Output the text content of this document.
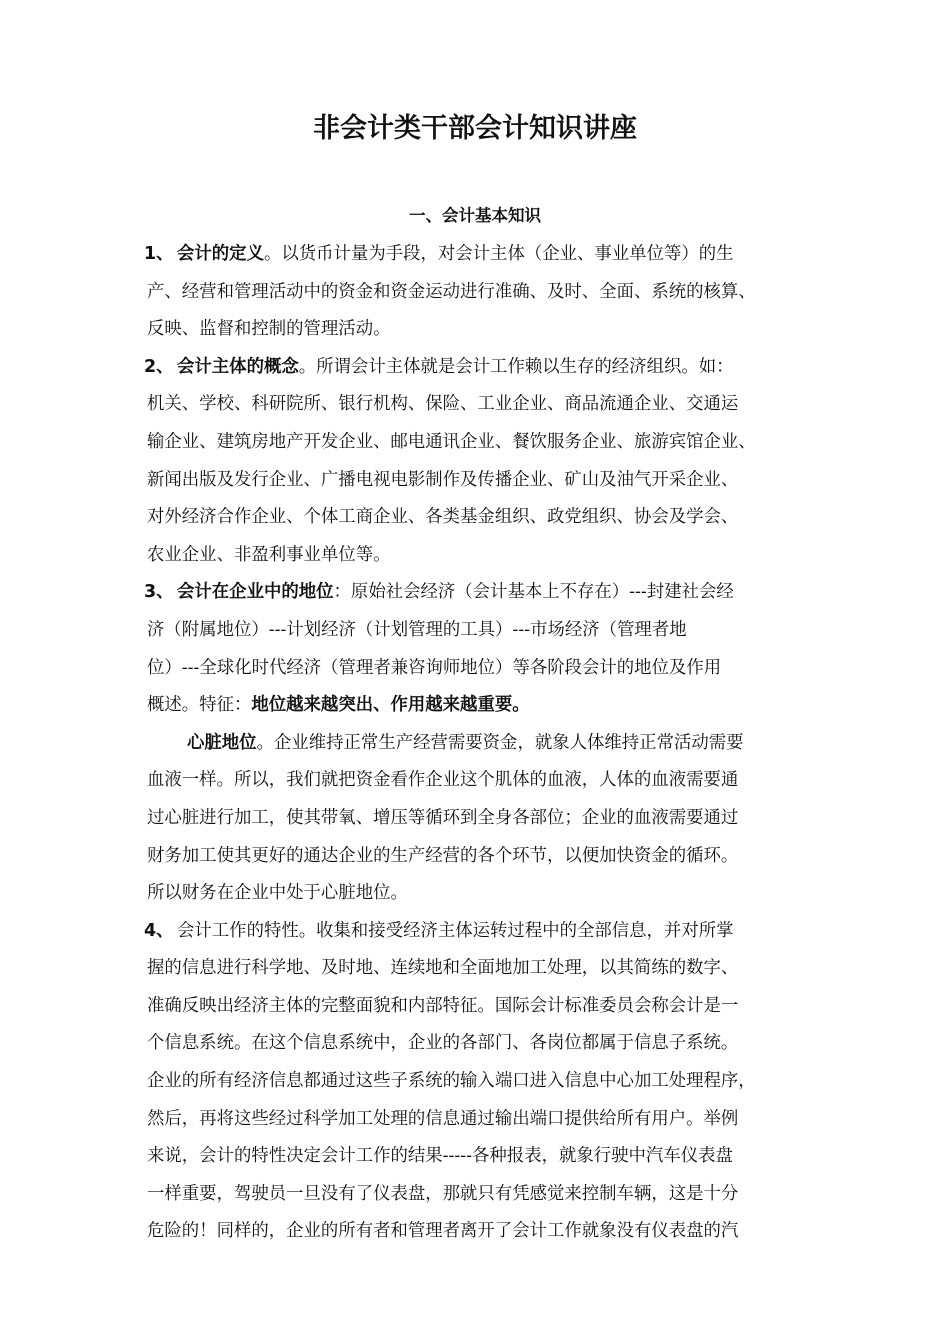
非会计类干部会计知识讲座
一、会计基本知识
1、 会计的定义。以货币计量为手段，对会计主体（企业、事业单位等）的生
产、经营和管理活动中的资金和资金运动进行准确、及时、全面、系统的核算、
反映、监督和控制的管理活动。
2、 会计主体的概念。所谓会计主体就是会计工作赖以生存的经济组织。如：
机关、学校、科研院所、银行机构、保险、工业企业、商品流通企业、交通运
输企业、建筑房地产开发企业、邮电通讯企业、餐饮服务企业、旅游宾馆企业、
新闻出版及发行企业、广播电视电影制作及传播企业、矿山及油气开采企业、
对外经济合作企业、个体工商企业、各类基金组织、政党组织、协会及学会、
农业企业、非盈利事业单位等。
3、 会计在企业中的地位：原始社会经济（会计基本上不存在）---封建社会经
济（附属地位）---计划经济（计划管理的工具）---市场经济（管理者地
位）---全球化时代经济（管理者兼咨询师地位）等各阶段会计的地位及作用
概述。特征：地位越来越突出、作用越来越重要。
心脏地位。企业维持正常生产经营需要资金，就象人体维持正常活动需要
血液一样。所以，我们就把资金看作企业这个肌体的血液，人体的血液需要通
过心脏进行加工，使其带氧、增压等循环到全身各部位；企业的血液需要通过
财务加工使其更好的通达企业的生产经营的各个环节，以便加快资金的循环。
所以财务在企业中处于心脏地位。
4、 会计工作的特性。收集和接受经济主体运转过程中的全部信息，并对所掌
握的信息进行科学地、及时地、连续地和全面地加工处理，以其简练的数字、
准确反映出经济主体的完整面貌和内部特征。国际会计标准委员会称会计是一
个信息系统。在这个信息系统中，企业的各部门、各岗位都属于信息子系统。
企业的所有经济信息都通过这些子系统的输入端口进入信息中心加工处理程序，
然后，再将这些经过科学加工处理的信息通过输出端口提供给所有用户。举例
来说，会计的特性决定会计工作的结果-----各种报表，就象行驶中汽车仪表盘
一样重要，驾驶员一旦没有了仪表盘，那就只有凭感觉来控制车辆，这是十分
危险的！同样的，企业的所有者和管理者离开了会计工作就象没有仪表盘的汽
